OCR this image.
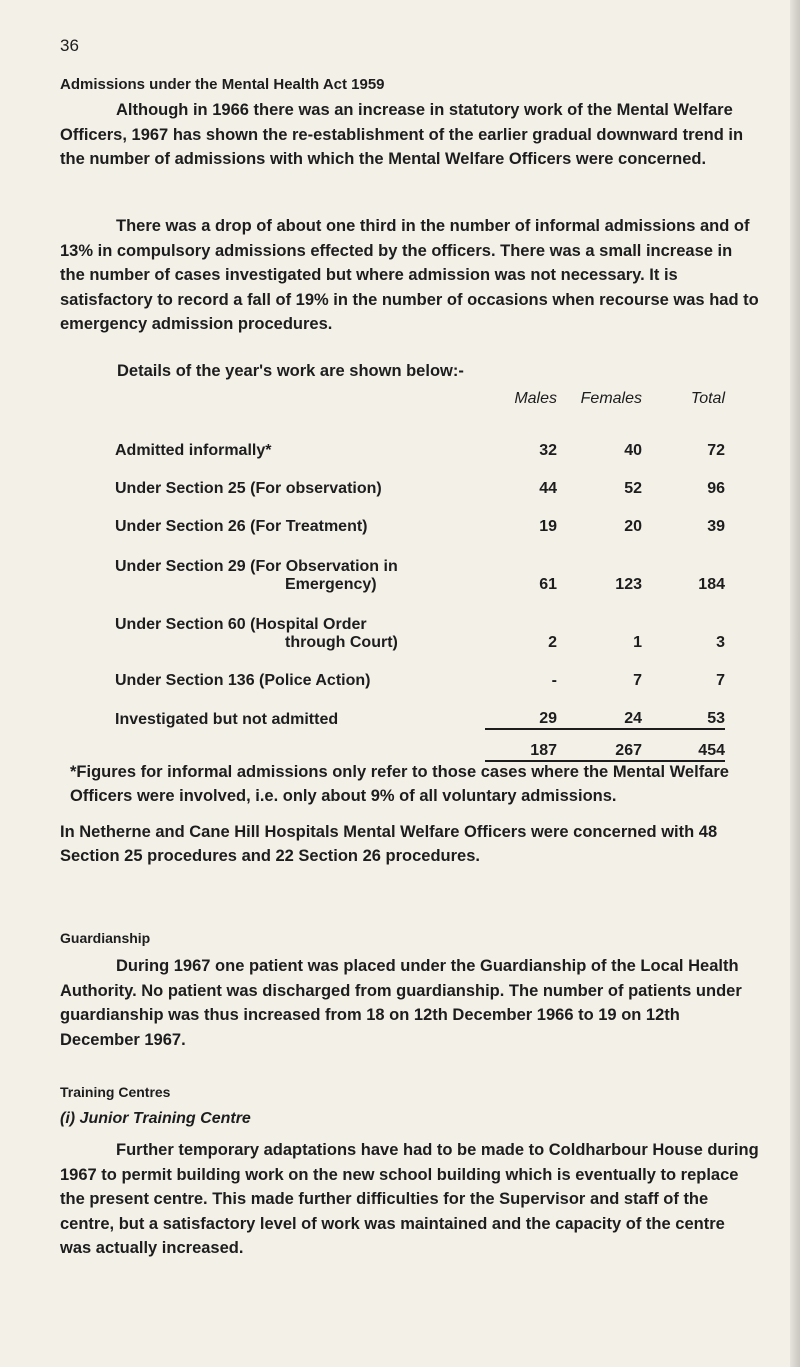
36
Admissions under the Mental Health Act 1959

Although in 1966 there was an increase in statutory work of the Mental Welfare Officers, 1967 has shown the re-establishment of the earlier gradual downward trend in the number of admissions with which the Mental Welfare Officers were concerned.

There was a drop of about one third in the number of informal admissions and of 13% in compulsory admissions effected by the officers. There was a small increase in the number of cases investigated but where admission was not necessary. It is satisfactory to record a fall of 19% in the number of occasions when recourse was had to emergency admission procedures.

Details of the year's work are shown below:-
	Males	Females	Total
Admitted informally*	32	40	72
Under Section 25 (For observation)	44	52	96
Under Section 26 (For Treatment)	19	20	39

Under Section 29 (For Observation in
Emergency)	61	123	184

Under Section 60 (Hospital Order
through Court)	2	1	3
Under Section 136 (Police Action)	-	7	7
Investigated but not admitted	29	24	53
	187	267	454
*Figures for informal admissions only refer to those cases where the Mental Welfare Officers were involved, i.e. only about 9% of all voluntary admissions.
In Netherne and Cane Hill Hospitals Mental Welfare Officers were concerned with 48 Section 25 procedures and 22 Section 26 procedures.
Guardianship

During 1967 one patient was placed under the Guardianship of the Local Health Authority. No patient was discharged from guardianship. The number of patients under guardianship was thus increased from 18 on 12th December 1966 to 19 on 12th December 1967.

Training Centres
(i) Junior Training Centre

Further temporary adaptations have had to be made to Coldharbour House during 1967 to permit building work on the new school building which is eventually to replace the present centre. This made further difficulties for the Supervisor and staff of the centre, but a satisfactory level of work was maintained and the capacity of the centre was actually increased.
